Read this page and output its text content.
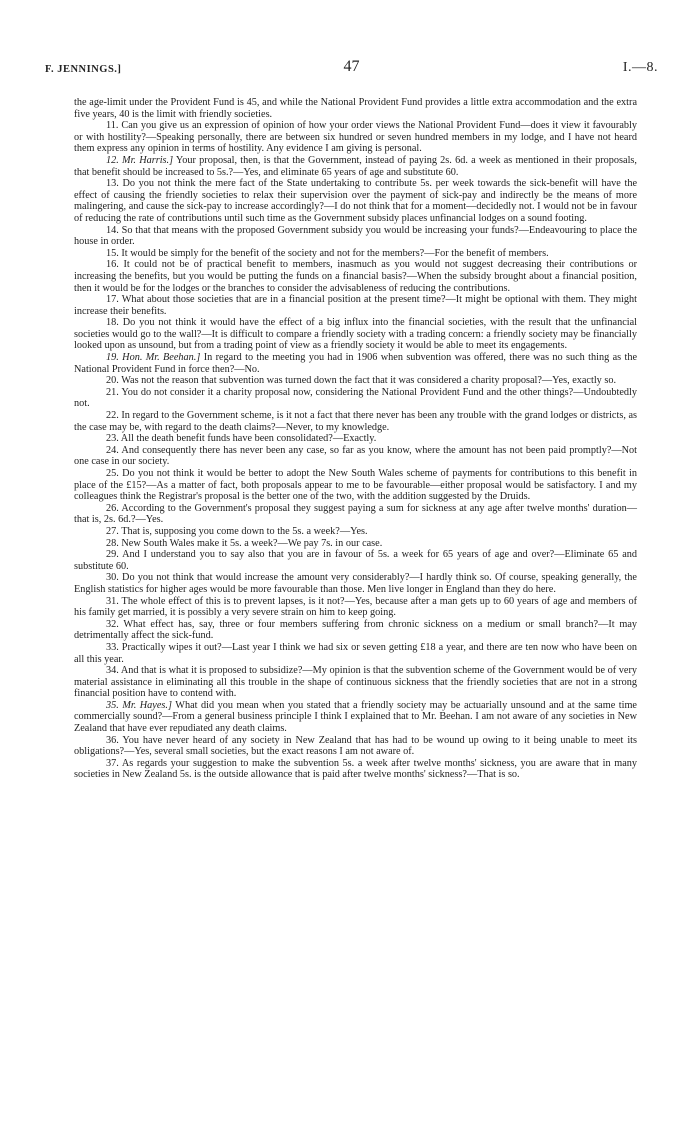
F. JENNINGS.]	47	I.—8.

the age-limit under the Provident Fund is 45, and while the National Provident Fund provides a little extra accommodation and the extra five years, 40 is the limit with friendly societies.

11. Can you give us an expression of opinion of how your order views the National Provident Fund—does it view it favourably or with hostility?—Speaking personally, there are between six hundred or seven hundred members in my lodge, and I have not heard them express any opinion in terms of hostility. Any evidence I am giving is personal.

12. Mr. Harris.] Your proposal, then, is that the Government, instead of paying 2s. 6d. a week as mentioned in their proposals, that benefit should be increased to 5s.?—Yes, and eliminate 65 years of age and substitute 60.

13. Do you not think the mere fact of the State undertaking to contribute 5s. per week towards the sick-benefit will have the effect of causing the friendly societies to relax their supervision over the payment of sick-pay and indirectly be the means of more malingering, and cause the sick-pay to increase accordingly?—I do not think that for a moment—decidedly not. I would not be in favour of reducing the rate of contributions until such time as the Government subsidy places unfinancial lodges on a sound footing.

14. So that that means with the proposed Government subsidy you would be increasing your funds?—Endeavouring to place the house in order.

15. It would be simply for the benefit of the society and not for the members?—For the benefit of members.

16. It could not be of practical benefit to members, inasmuch as you would not suggest decreasing their contributions or increasing the benefits, but you would be putting the funds on a financial basis?—When the subsidy brought about a financial position, then it would be for the lodges or the branches to consider the advisableness of reducing the contributions.

17. What about those societies that are in a financial position at the present time?—It might be optional with them. They might increase their benefits.

18. Do you not think it would have the effect of a big influx into the financial societies, with the result that the unfinancial societies would go to the wall?—It is difficult to compare a friendly society with a trading concern: a friendly society may be financially looked upon as unsound, but from a trading point of view as a friendly society it would be able to meet its engagements.

19. Hon. Mr. Beehan.] In regard to the meeting you had in 1906 when subvention was offered, there was no such thing as the National Provident Fund in force then?—No.

20. Was not the reason that subvention was turned down the fact that it was considered a charity proposal?—Yes, exactly so.

21. You do not consider it a charity proposal now, considering the National Provident Fund and the other things?—Undoubtedly not.

22. In regard to the Government scheme, is it not a fact that there never has been any trouble with the grand lodges or districts, as the case may be, with regard to the death claims?—Never, to my knowledge.

23. All the death benefit funds have been consolidated?—Exactly.

24. And consequently there has never been any case, so far as you know, where the amount has not been paid promptly?—Not one case in our society.

25. Do you not think it would be better to adopt the New South Wales scheme of payments for contributions to this benefit in place of the £15?—As a matter of fact, both proposals appear to me to be favourable—either proposal would be satisfactory. I and my colleagues think the Registrar's proposal is the better one of the two, with the addition suggested by the Druids.

26. According to the Government's proposal they suggest paying a sum for sickness at any age after twelve months' duration—that is, 2s. 6d.?—Yes.

27. That is, supposing you come down to the 5s. a week?—Yes.

28. New South Wales make it 5s. a week?—We pay 7s. in our case.

29. And I understand you to say also that you are in favour of 5s. a week for 65 years of age and over?—Eliminate 65 and substitute 60.

30. Do you not think that would increase the amount very considerably?—I hardly think so. Of course, speaking generally, the English statistics for higher ages would be more favourable than those. Men live longer in England than they do here.

31. The whole effect of this is to prevent lapses, is it not?—Yes, because after a man gets up to 60 years of age and members of his family get married, it is possibly a very severe strain on him to keep going.

32. What effect has, say, three or four members suffering from chronic sickness on a medium or small branch?—It may detrimentally affect the sick-fund.

33. Practically wipes it out?—Last year I think we had six or seven getting £18 a year, and there are ten now who have been on all this year.

34. And that is what it is proposed to subsidize?—My opinion is that the subvention scheme of the Government would be of very material assistance in eliminating all this trouble in the shape of continuous sickness that the friendly societies that are not in a strong financial position have to contend with.

35. Mr. Hayes.] What did you mean when you stated that a friendly society may be actuarially unsound and at the same time commercially sound?—From a general business principle I think I explained that to Mr. Beehan. I am not aware of any societies in New Zealand that have ever repudiated any death claims.

36. You have never heard of any society in New Zealand that has had to be wound up owing to it being unable to meet its obligations?—Yes, several small societies, but the exact reasons I am not aware of.

37. As regards your suggestion to make the subvention 5s. a week after twelve months' sickness, you are aware that in many societies in New Zealand 5s. is the outside allowance that is paid after twelve months' sickness?—That is so.
